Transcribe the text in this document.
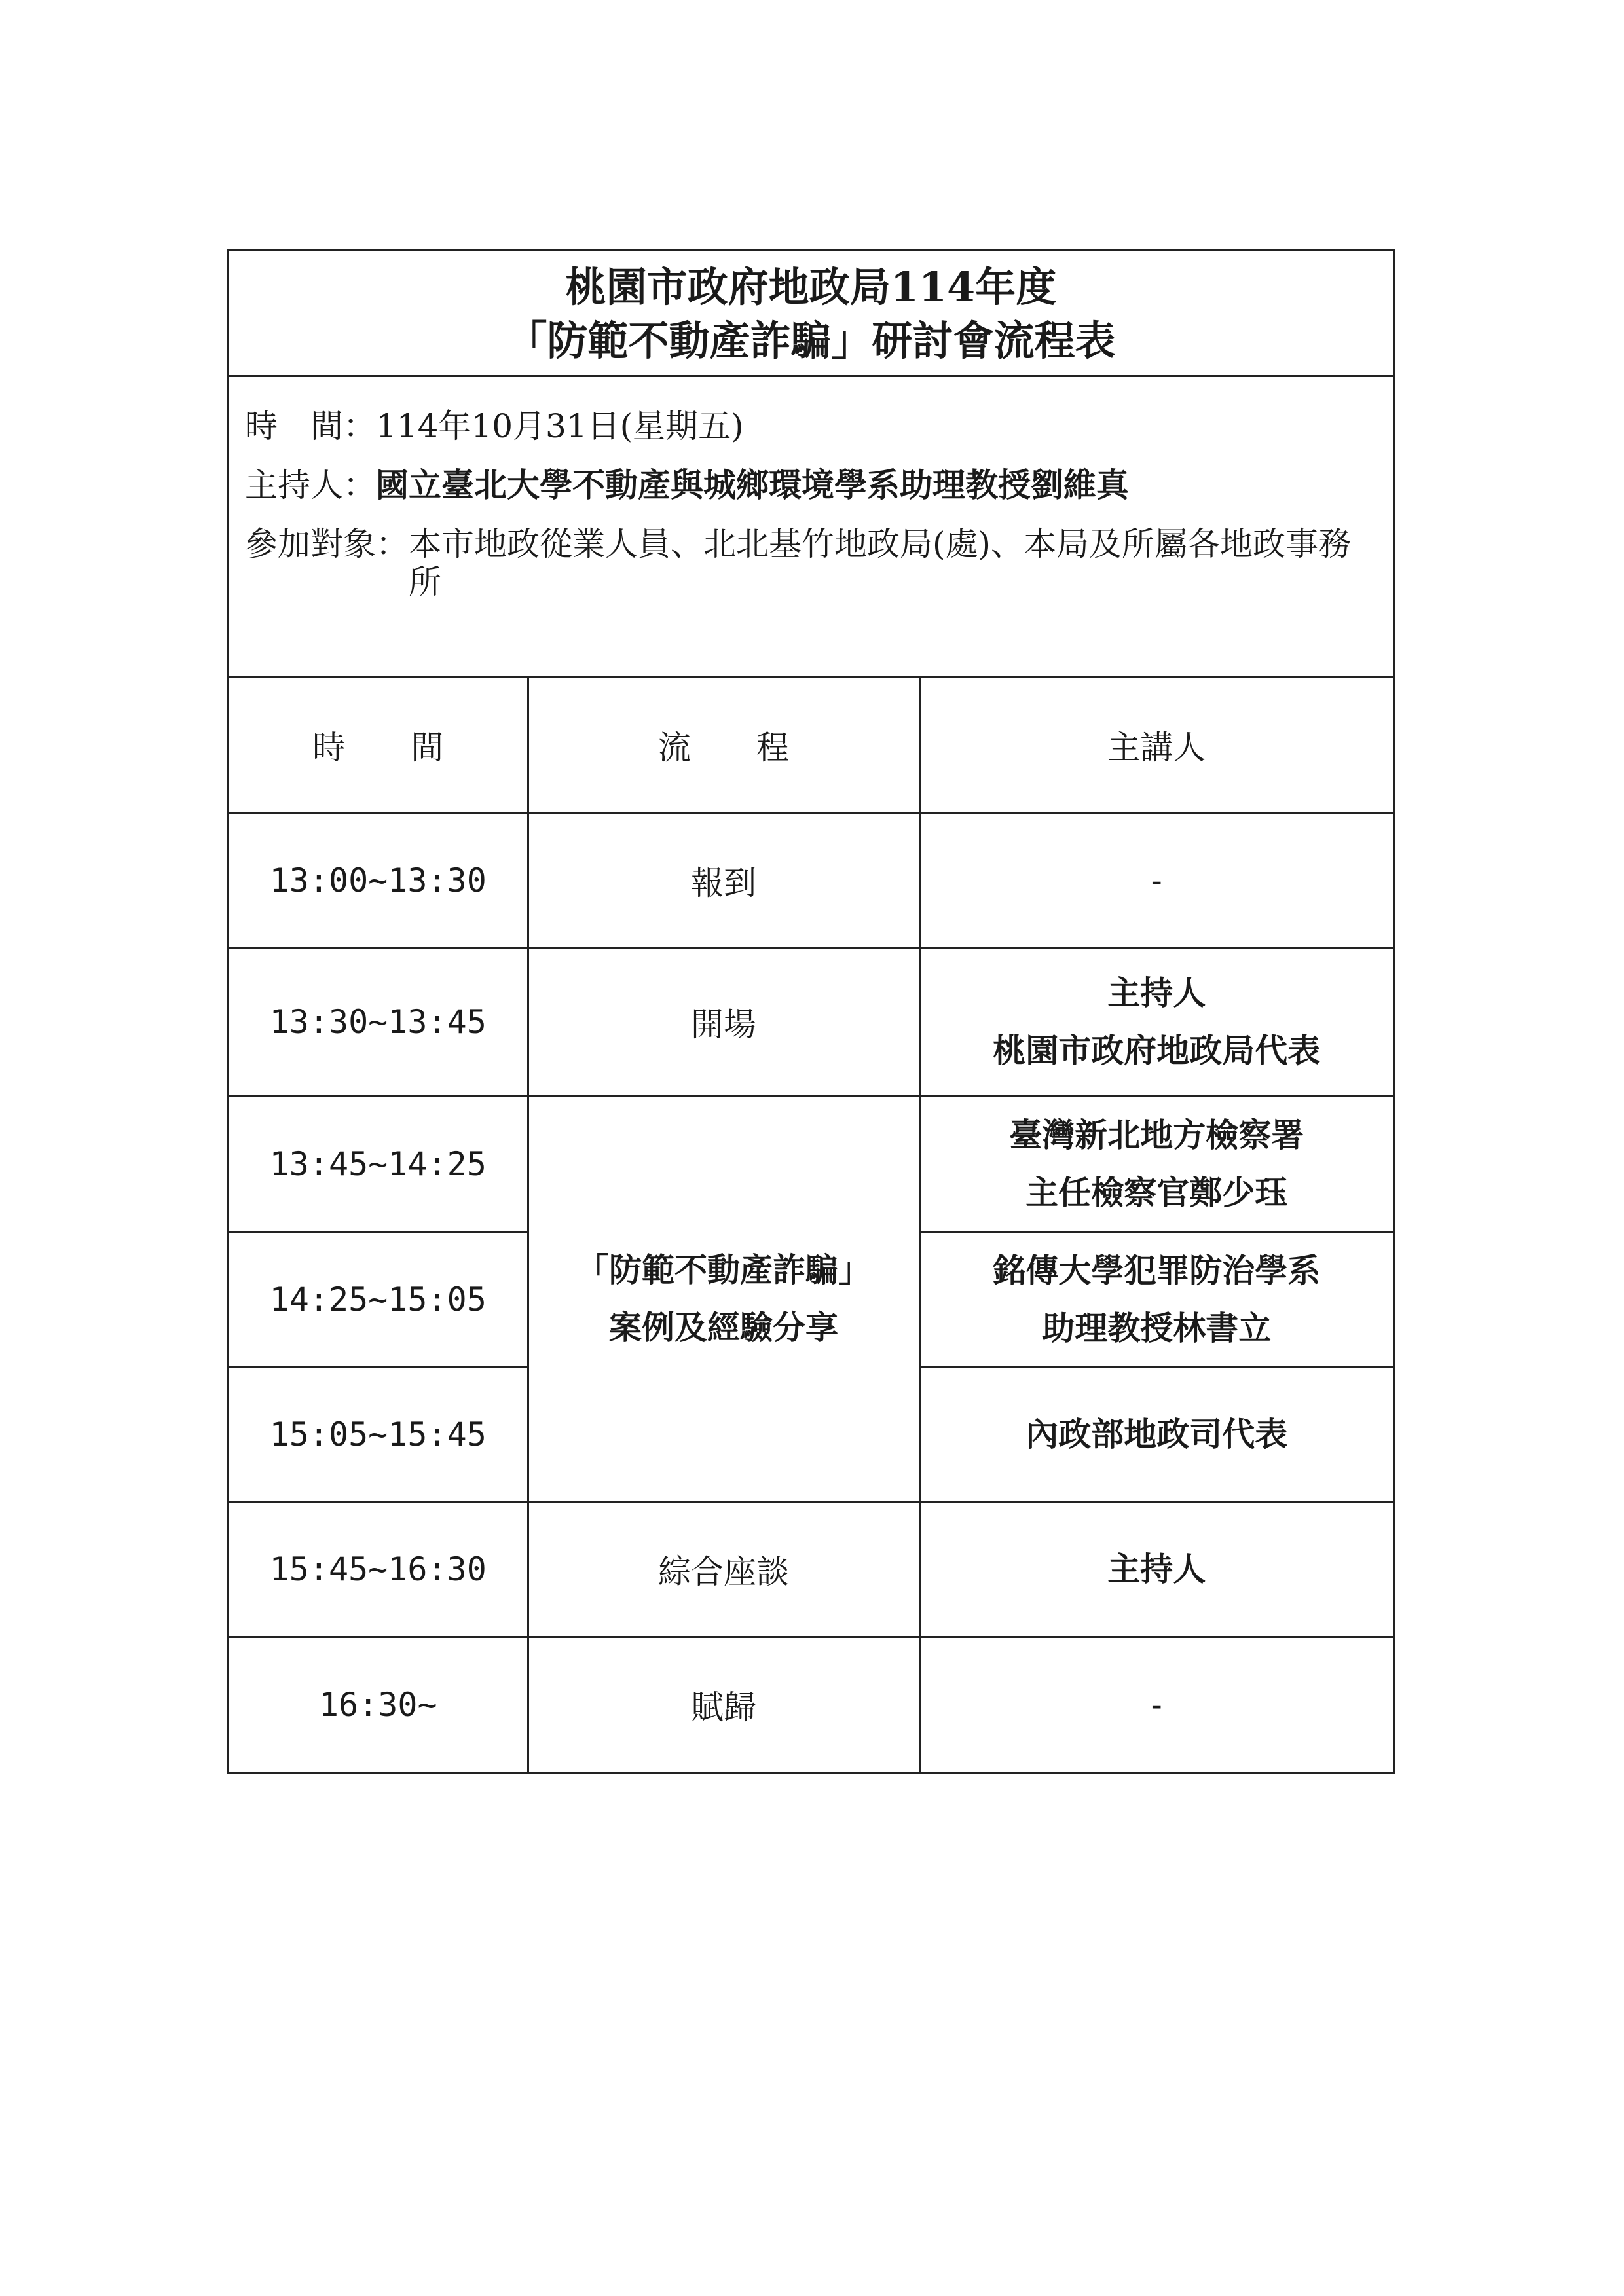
桃園市政府地政局114年度
「防範不動產詐騙」研討會流程表
時　間： 114年10月31日(星期五)
主持人： 國立臺北大學不動產與城鄉環境學系助理教授劉維真
參加對象： 本市地政從業人員、北北基竹地政局(處)、本局及所屬各地政事務所
時　　間	流　　程	主講人
13:00~13:30	報到	-
13:30~13:45	開場	主持人
桃園市政府地政局代表

13:45~14:25	「防範不動產詐騙」
案例及經驗分享	臺灣新北地方檢察署
主任檢察官鄭少珏

14:25~15:05		銘傳大學犯罪防治學系
助理教授林書立

15:05~15:45		內政部地政司代表

15:45~16:30	綜合座談	主持人

16:30~	賦歸	-
